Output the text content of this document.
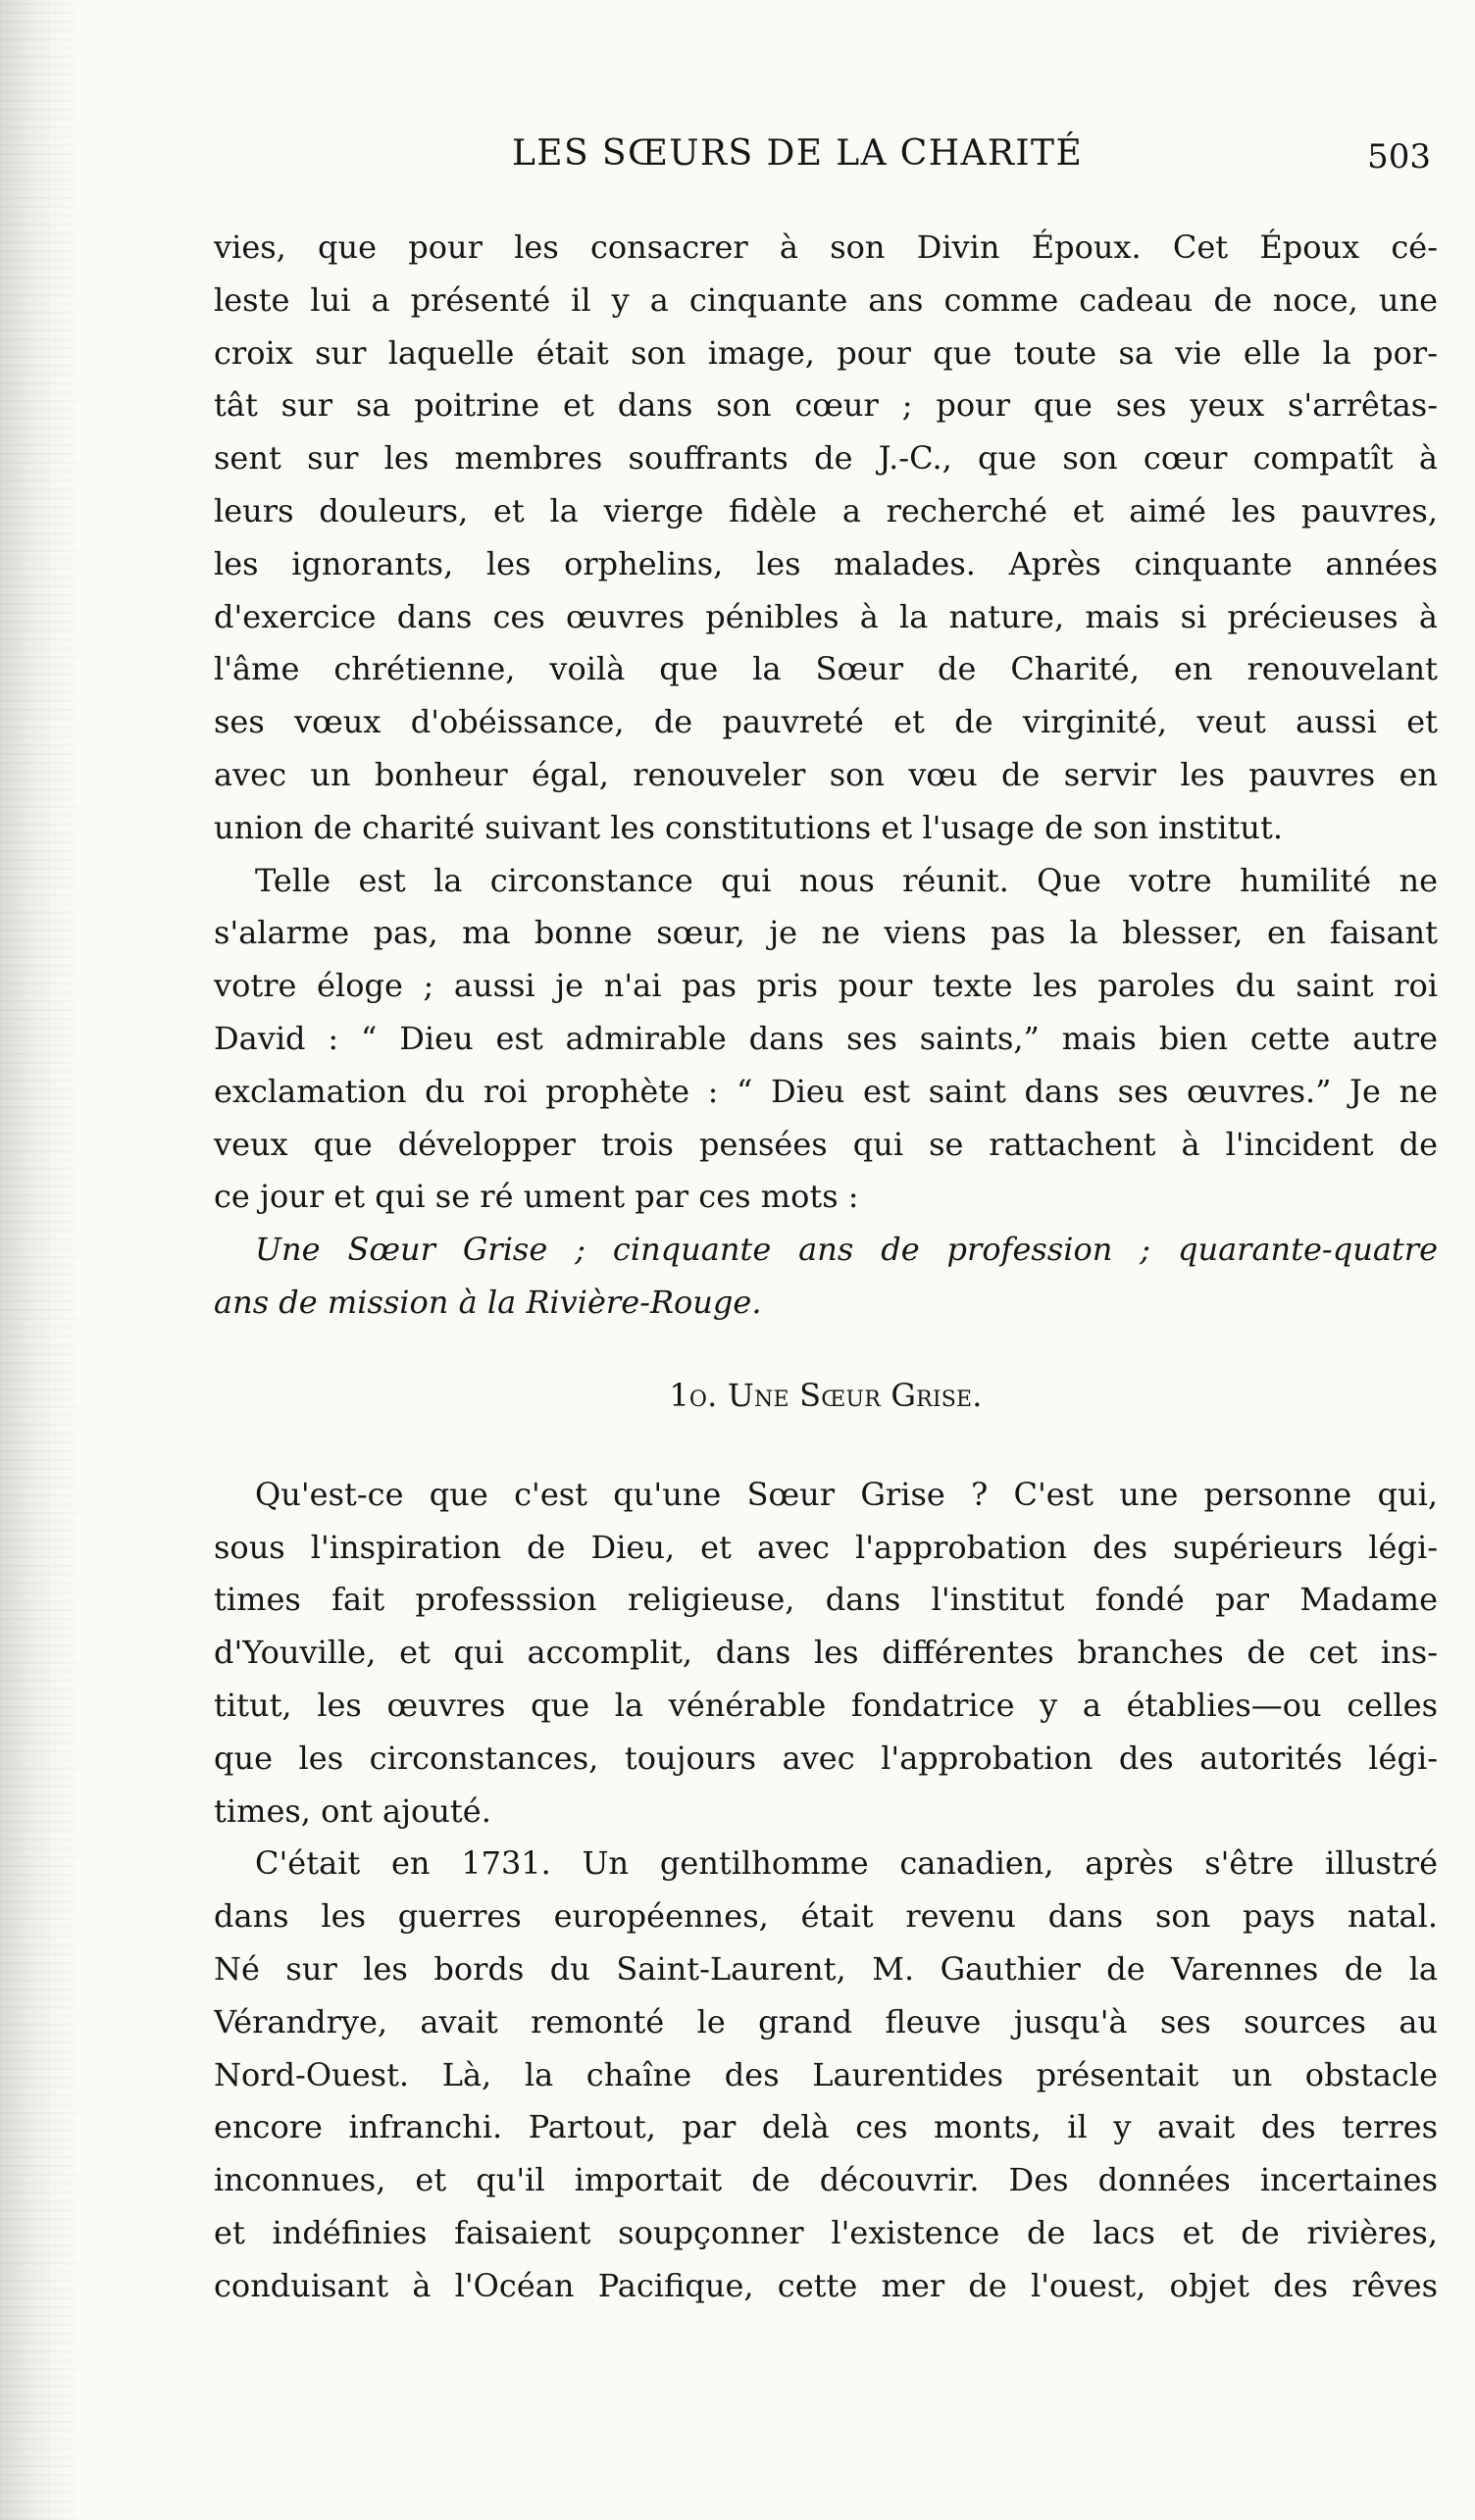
LES SŒURS DE LA CHARITÉ	503
vies, que pour les consacrer à son Divin Époux. Cet Époux cé-
leste lui a présenté il y a cinquante ans comme cadeau de noce, une
croix sur laquelle était son image, pour que toute sa vie elle la por-
tât sur sa poitrine et dans son cœur ; pour que ses yeux s'arrêtas-
sent sur les membres souffrants de J.-C., que son cœur compatît à
leurs douleurs, et la vierge fidèle a recherché et aimé les pauvres,
les ignorants, les orphelins, les malades. Après cinquante années
d'exercice dans ces œuvres pénibles à la nature, mais si précieuses à
l'âme chrétienne, voilà que la Sœur de Charité, en renouvelant
ses vœux d'obéissance, de pauvreté et de virginité, veut aussi et
avec un bonheur égal, renouveler son vœu de servir les pauvres en
union de charité suivant les constitutions et l'usage de son institut.
Telle est la circonstance qui nous réunit. Que votre humilité ne
s'alarme pas, ma bonne sœur, je ne viens pas la blesser, en faisant
votre éloge ; aussi je n'ai pas pris pour texte les paroles du saint roi
David : “ Dieu est admirable dans ses saints,” mais bien cette autre
exclamation du roi prophète : “ Dieu est saint dans ses œuvres.” Je ne
veux que développer trois pensées qui se rattachent à l'incident de
ce jour et qui se ré ument par ces mots :
Une Sœur Grise ; cinquante ans de profession ; quarante-quatre
ans de mission à la Rivière-Rouge.
1o. Une Sœur Grise.
Qu'est-ce que c'est qu'une Sœur Grise ? C'est une personne qui,
sous l'inspiration de Dieu, et avec l'approbation des supérieurs légi-
times fait professsion religieuse, dans l'institut fondé par Madame
d'Youville, et qui accomplit, dans les différentes branches de cet ins-
titut, les œuvres que la vénérable fondatrice y a établies—ou celles
que les circonstances, toujours avec l'approbation des autorités légi-
times, ont ajouté.
C'était en 1731. Un gentilhomme canadien, après s'être illustré
dans les guerres européennes, était revenu dans son pays natal.
Né sur les bords du Saint-Laurent, M. Gauthier de Varennes de la
Vérandrye, avait remonté le grand fleuve jusqu'à ses sources au
Nord-Ouest. Là, la chaîne des Laurentides présentait un obstacle
encore infranchi. Partout, par delà ces monts, il y avait des terres
inconnues, et qu'il importait de découvrir. Des données incertaines
et indéfinies faisaient soupçonner l'existence de lacs et de rivières,
conduisant à l'Océan Pacifique, cette mer de l'ouest, objet des rêves
